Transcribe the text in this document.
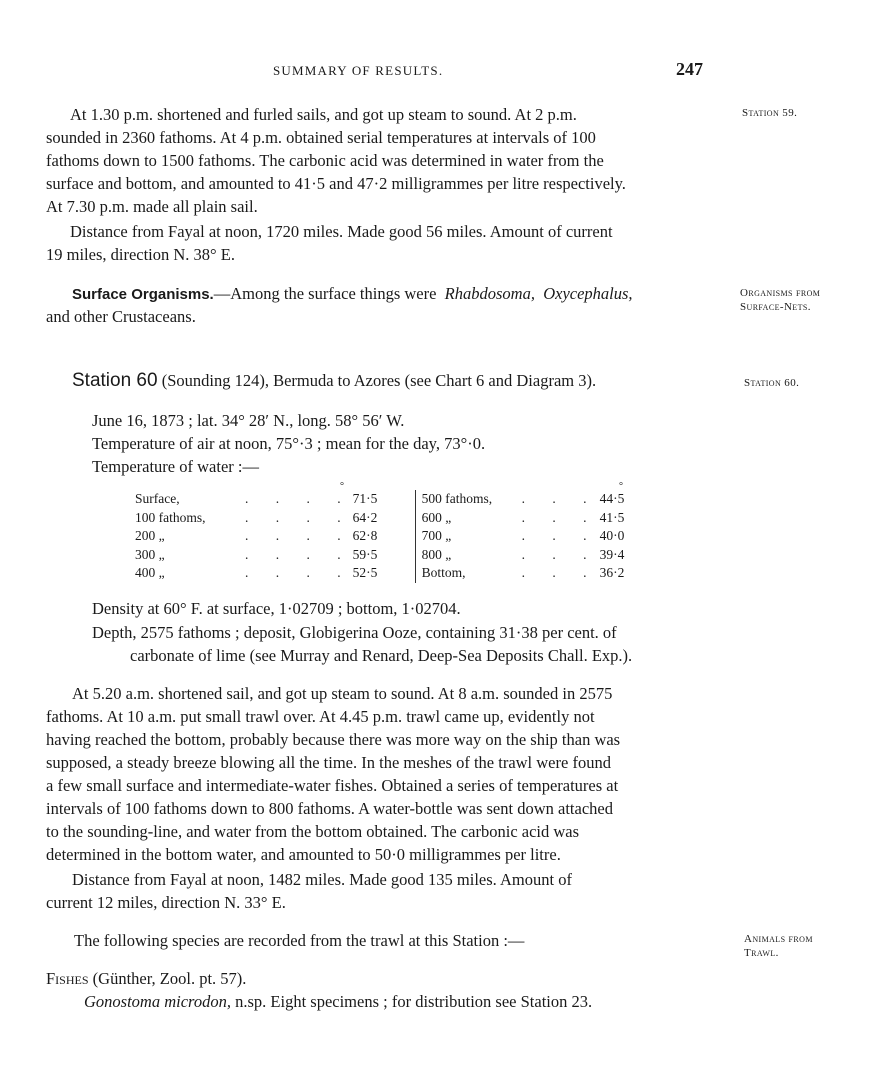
SUMMARY OF RESULTS.	247
Station 59.
At 1.30 p.m. shortened and furled sails, and got up steam to sound. At 2 p.m.
sounded in 2360 fathoms. At 4 p.m. obtained serial temperatures at intervals of 100
fathoms down to 1500 fathoms. The carbonic acid was determined in water from the
surface and bottom, and amounted to 41·5 and 47·2 milligrammes per litre respectively.
At 7.30 p.m. made all plain sail.
Distance from Fayal at noon, 1720 miles. Made good 56 miles. Amount of current
19 miles, direction N. 38° E.
Organisms from
Surface-Nets.
Surface Organisms.—Among the surface things were Rhabdosoma, Oxycephalus,
and other Crustaceans.
Station 60.
Station 60 (Sounding 124), Bermuda to Azores (see Chart 6 and Diagram 3).
June 16, 1873 ; lat. 34° 28′ N., long. 58° 56′ W.
Temperature of air at noon, 75°·3 ; mean for the day, 73°·0.
Temperature of water :—
°	°
Surface,	. . . .	71·5		500 fathoms,	. . .	44·5
100 fathoms,	. . . .	64·2		600 „	. . .	41·5
200 „	. . . .	62·8		700 „	. . .	40·0
300 „	. . . .	59·5		800 „	. . .	39·4
400 „	. . . .	52·5		Bottom,	. . .	36·2
Density at 60° F. at surface, 1·02709 ; bottom, 1·02704.
Depth, 2575 fathoms ; deposit, Globigerina Ooze, containing 31·38 per cent. of
carbonate of lime (see Murray and Renard, Deep-Sea Deposits Chall. Exp.).
At 5.20 a.m. shortened sail, and got up steam to sound. At 8 a.m. sounded in 2575
fathoms. At 10 a.m. put small trawl over. At 4.45 p.m. trawl came up, evidently not
having reached the bottom, probably because there was more way on the ship than was
supposed, a steady breeze blowing all the time. In the meshes of the trawl were found
a few small surface and intermediate-water fishes. Obtained a series of temperatures at
intervals of 100 fathoms down to 800 fathoms. A water-bottle was sent down attached
to the sounding-line, and water from the bottom obtained. The carbonic acid was
determined in the bottom water, and amounted to 50·0 milligrammes per litre.
Distance from Fayal at noon, 1482 miles. Made good 135 miles. Amount of
current 12 miles, direction N. 33° E.
The following species are recorded from the trawl at this Station :—	Animals from
Trawl.
Fishes (Günther, Zool. pt. 57).
Gonostoma microdon, n.sp. Eight specimens ; for distribution see Station 23.
